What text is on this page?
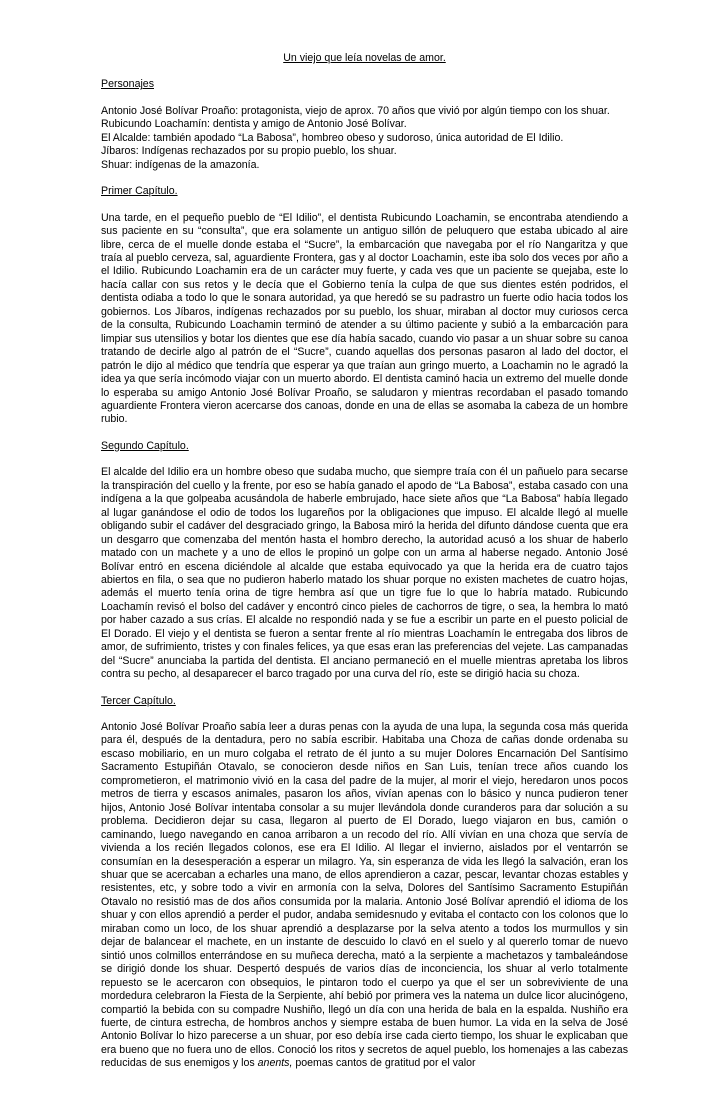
Un viejo que leía novelas de amor.
Personajes
Antonio José Bolívar Proaño: protagonista, viejo de aprox. 70 años que vivió por algún tiempo con los shuar.
Rubicundo Loachamín: dentista y amigo de Antonio José Bolívar.
El Alcalde: también apodado “La Babosa”, hombreo obeso y sudoroso, única autoridad de El Idilio.
Jíbaros: Indígenas rechazados por su propio pueblo, los shuar.
Shuar: indígenas de la amazonía.
Primer Capítulo.
Una tarde, en el pequeño pueblo de “El Idilio”, el dentista Rubicundo Loachamin, se encontraba atendiendo a sus paciente en su “consulta”, que era solamente un antiguo sillón de peluquero que estaba ubicado al aire libre, cerca de el muelle donde estaba el “Sucre”, la embarcación que navegaba por el río Nangaritza y que traía al pueblo cerveza, sal, aguardiente Frontera, gas y al doctor Loachamin, este iba solo dos veces por año a el Idilio. Rubicundo Loachamin era de un carácter muy fuerte, y cada ves que un paciente se quejaba, este lo hacía callar con sus retos y le decía que el Gobierno tenía la culpa de que sus dientes estén podridos, el dentista odiaba a todo lo que le sonara autoridad, ya que heredó se su padrastro un fuerte odio hacia todos los gobiernos. Los Jíbaros, indígenas rechazados por su pueblo, los shuar, miraban al doctor muy curiosos cerca de la consulta, Rubicundo Loachamin terminó de atender a su último paciente y subió a la embarcación para limpiar sus utensilios y botar los dientes que ese día había sacado, cuando vio pasar a un shuar sobre su canoa tratando de decirle algo al patrón de el “Sucre”, cuando aquellas dos personas pasaron al lado del doctor, el patrón le dijo al médico que tendría que esperar ya que traían aun gringo muerto, a Loachamin no le agradó la idea ya que sería incómodo viajar con un muerto abordo. El dentista caminó hacia un extremo del muelle donde lo esperaba su amigo Antonio José Bolívar Proaño, se saludaron y mientras recordaban el pasado tomando aguardiente Frontera vieron acercarse dos canoas, donde en una de ellas se asomaba la cabeza de un hombre rubio.
Segundo Capítulo.
El alcalde del Idilio era un hombre obeso que sudaba mucho, que siempre traía con él un pañuelo para secarse la transpiración del cuello y la frente, por eso se había ganado el apodo de “La Babosa”, estaba casado con una indígena a la que golpeaba acusándola de haberle embrujado, hace siete años que “La Babosa” había llegado al lugar ganándose el odio de todos los lugareños por la obligaciones que impuso. El alcalde llegó al muelle obligando subir el cadáver del desgraciado gringo, la Babosa miró la herida del difunto dándose cuenta que era un desgarro que comenzaba del mentón hasta el hombro derecho, la autoridad acusó a los shuar de haberlo matado con un machete y a uno de ellos le propinó un golpe con un arma al haberse negado. Antonio José Bolívar entró en escena diciéndole al alcalde que estaba equivocado ya que la herida era de cuatro tajos abiertos en fila, o sea que no pudieron haberlo matado los shuar porque no existen machetes de cuatro hojas, además el muerto tenía orina de tigre hembra así que un tigre fue lo que lo habría matado. Rubicundo Loachamín revisó el bolso del cadáver y encontró cinco pieles de cachorros de tigre, o sea, la hembra lo mató por haber cazado a sus crías. El alcalde no respondió nada y se fue a escribir un parte en el puesto policial de El Dorado. El viejo y el dentista se fueron a sentar frente al río mientras Loachamín le entregaba dos libros de amor, de sufrimiento, tristes y con finales felices, ya que esas eran las preferencias del vejete. Las campanadas del “Sucre” anunciaba la partida del dentista. El anciano permaneció en el muelle mientras apretaba los libros contra su pecho, al desaparecer el barco tragado por una curva del río, este se dirigió hacia su choza.
Tercer Capítulo.
Antonio José Bolívar Proaño sabía leer a duras penas con la ayuda de una lupa, la segunda cosa más querida para él, después de la dentadura, pero no sabía escribir. Habitaba una Choza de cañas donde ordenaba su escaso mobiliario, en un muro colgaba el retrato de él junto a su mujer Dolores Encarnación Del Santísimo Sacramento Estupiñán Otavalo, se conocieron desde niños en San Luis, tenían trece años cuando los comprometieron, el matrimonio vivió en la casa del padre de la mujer, al morir el viejo, heredaron unos pocos metros de tierra y escasos animales, pasaron los años, vivían apenas con lo básico y nunca pudieron tener hijos, Antonio José Bolívar intentaba consolar a su mujer llevándola donde curanderos para dar solución a su problema. Decidieron dejar su casa, llegaron al puerto de El Dorado, luego viajaron en bus, camión o caminando, luego navegando en canoa arribaron a un recodo del río. Allí vivían en una choza que servía de vivienda a los recién llegados colonos, ese era El Idilio. Al llegar el invierno, aislados por el ventarrón se consumían en la desesperación a esperar un milagro. Ya, sin esperanza de vida les llegó la salvación, eran los shuar que se acercaban a echarles una mano, de ellos aprendieron a cazar, pescar, levantar chozas estables y resistentes, etc, y sobre todo a vivir en armonía con la selva, Dolores del Santísimo Sacramento Estupiñán Otavalo no resistió mas de dos años consumida por la malaria. Antonio José Bolívar aprendió el idioma de los shuar y con ellos aprendió a perder el pudor, andaba semidesnudo y evitaba el contacto con los colonos que lo miraban como un loco, de los shuar aprendió a desplazarse por la selva atento a todos los murmullos y sin dejar de balancear el machete, en un instante de descuido lo clavó en el suelo y al quererlo tomar de nuevo sintió unos colmillos enterrándose en su muñeca derecha, mató a la serpiente a machetazos y tambaleándose se dirigió donde los shuar. Despertó después de varios días de inconciencia, los shuar al verlo totalmente repuesto se le acercaron con obsequios, le pintaron todo el cuerpo ya que el ser un sobreviviente de una mordedura celebraron la Fiesta de la Serpiente, ahí bebió por primera ves la natema un dulce licor alucinógeno, compartió la bebida con su compadre Nushiño, llegó un día con una herida de bala en la espalda. Nushiño era fuerte, de cintura estrecha, de hombros anchos y siempre estaba de buen humor. La vida en la selva de José Antonio Bolívar lo hizo parecerse a un shuar, por eso debía irse cada cierto tiempo, los shuar le explicaban que era bueno que no fuera uno de ellos. Conoció los ritos y secretos de aquel pueblo, los homenajes a las cabezas reducidas de sus enemigos y los anents, poemas cantos de gratitud por el valor
